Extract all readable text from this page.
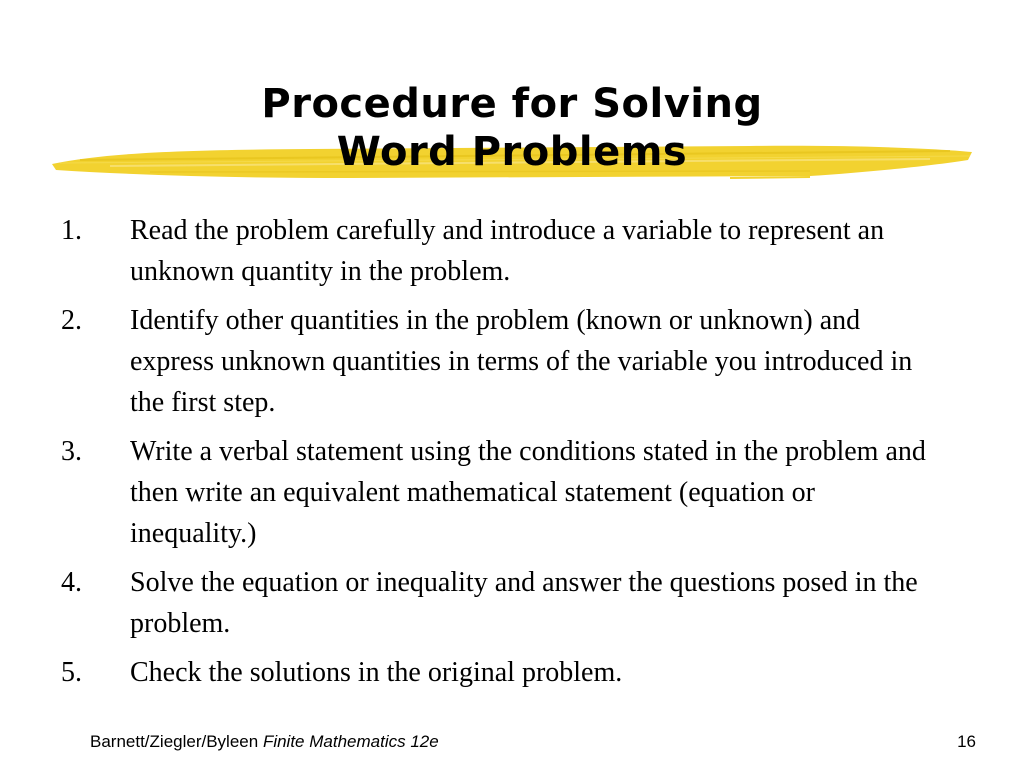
Procedure for Solving
Word Problems
1. Read the problem carefully and introduce a variable to represent an unknown quantity in the problem.
2. Identify other quantities in the problem (known or unknown) and express unknown quantities in terms of the variable you introduced in the first step.
3. Write a verbal statement using the conditions stated in the problem and then write an equivalent mathematical statement (equation or inequality.)
4. Solve the equation or inequality and answer the questions posed in the problem.
5. Check the solutions in the original problem.
Barnett/Ziegler/Byleen Finite Mathematics 12e	16
